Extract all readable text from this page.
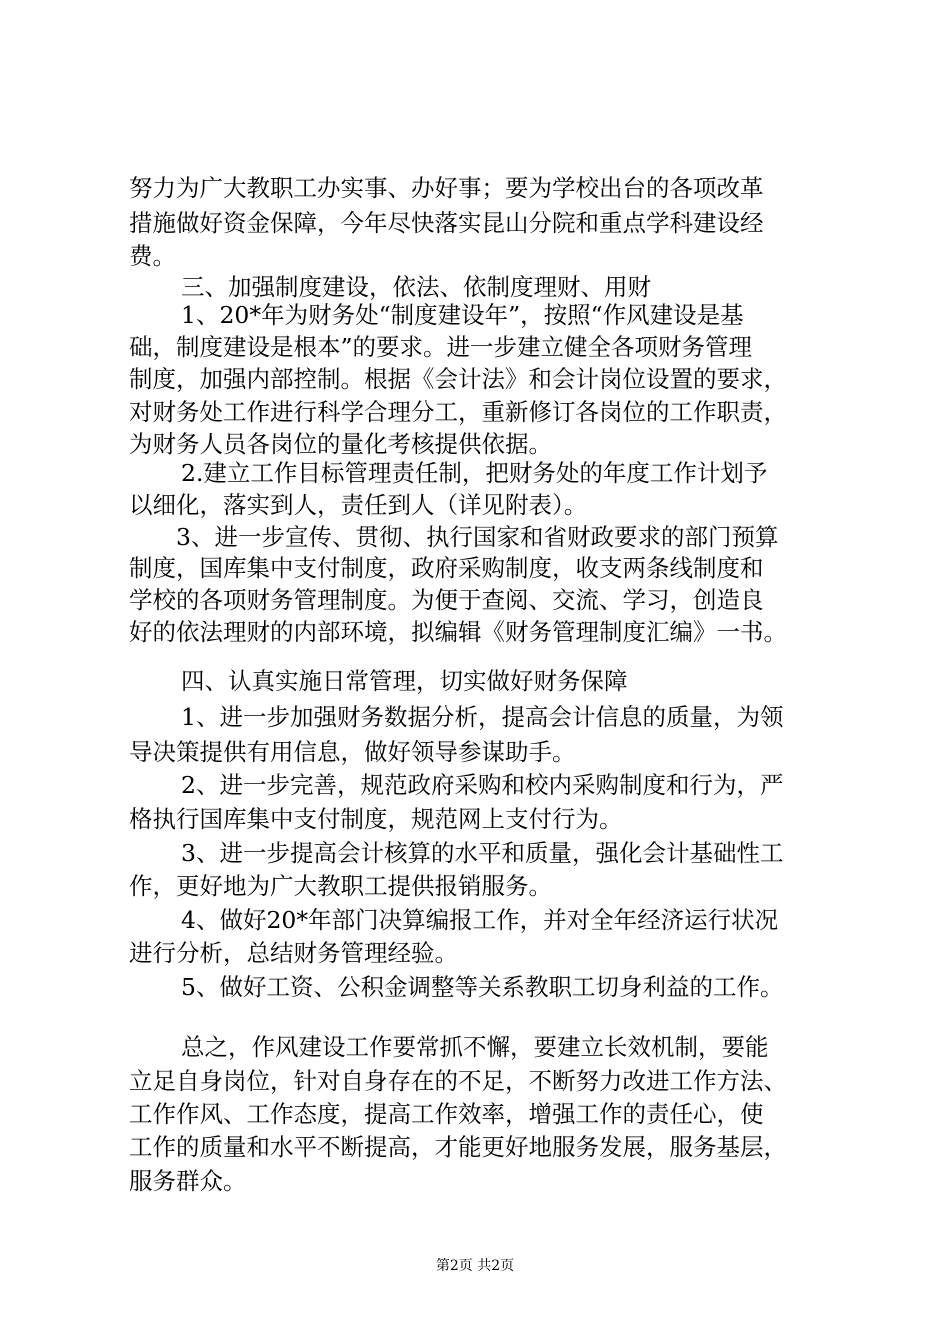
努力为广大教职工办实事、办好事；要为学校出台的各项改革
措施做好资金保障，今年尽快落实昆山分院和重点学科建设经
费。
三、加强制度建设，依法、依制度理财、用财
1、20*年为财务处“制度建设年”，按照“作风建设是基
础，制度建设是根本”的要求。进一步建立健全各项财务管理
制度，加强内部控制。根据《会计法》和会计岗位设置的要求，
对财务处工作进行科学合理分工，重新修订各岗位的工作职责，
为财务人员各岗位的量化考核提供依据。
2.建立工作目标管理责任制，把财务处的年度工作计划予
以细化，落实到人，责任到人（详见附表）。
3、进一步宣传、贯彻、执行国家和省财政要求的部门预算
制度，国库集中支付制度，政府采购制度，收支两条线制度和
学校的各项财务管理制度。为便于查阅、交流、学习，创造良
好的依法理财的内部环境，拟编辑《财务管理制度汇编》一书。
四、认真实施日常管理，切实做好财务保障
1、进一步加强财务数据分析，提高会计信息的质量，为领
导决策提供有用信息，做好领导参谋助手。
2、进一步完善，规范政府采购和校内采购制度和行为，严
格执行国库集中支付制度，规范网上支付行为。
3、进一步提高会计核算的水平和质量，强化会计基础性工
作，更好地为广大教职工提供报销服务。
4、做好20*年部门决算编报工作，并对全年经济运行状况
进行分析，总结财务管理经验。
5、做好工资、公积金调整等关系教职工切身利益的工作。
总之，作风建设工作要常抓不懈，要建立长效机制，要能
立足自身岗位，针对自身存在的不足，不断努力改进工作方法、
工作作风、工作态度，提高工作效率，增强工作的责任心，使
工作的质量和水平不断提高，才能更好地服务发展，服务基层，
服务群众。
第2页 共2页
